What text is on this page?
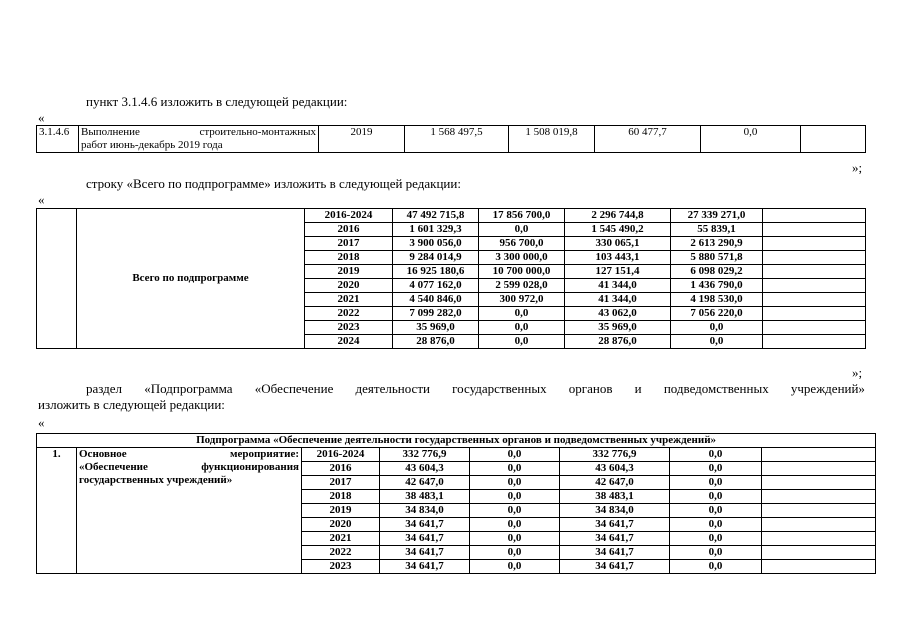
пункт 3.1.4.6 изложить в следующей редакции:
«
3.1.4.6	Выполнение	строительно-монтажных
работ июнь-декабрь 2019 года
	2019	1 568 497,5	1 508 019,8	60 477,7	0,0	
»;
строку «Всего по подпрограмме» изложить в следующей редакции:
«
	Всего по подпрограмме	2016-2024	47 492 715,8	17 856 700,0	2 296 744,8	27 339 271,0	
		2016	1 601 329,3	0,0	1 545 490,2	55 839,1	
		2017	3 900 056,0	956 700,0	330 065,1	2 613 290,9	
		2018	9 284 014,9	3 300 000,0	103 443,1	5 880 571,8	
		2019	16 925 180,6	10 700 000,0	127 151,4	6 098 029,2	
		2020	4 077 162,0	2 599 028,0	41 344,0	1 436 790,0	
		2021	4 540 846,0	300 972,0	41 344,0	4 198 530,0	
		2022	7 099 282,0	0,0	43 062,0	7 056 220,0	
		2023	35 969,0	0,0	35 969,0	0,0	
		2024	28 876,0	0,0	28 876,0	0,0	
»;
раздел «Подпрограмма «Обеспечение деятельности государственных органов и подведомственных учреждений»
изложить в следующей редакции:
«
Подпрограмма «Обеспечение деятельности государственных органов и подведомственных учреждений»							
1.	Основное мероприятие:
«Обеспечение функционирования
государственных учреждений»	2016-2024	332 776,9	0,0	332 776,9	0,0	
		2016	43 604,3	0,0	43 604,3	0,0	
		2017	42 647,0	0,0	42 647,0	0,0	
		2018	38 483,1	0,0	38 483,1	0,0	
		2019	34 834,0	0,0	34 834,0	0,0	
		2020	34 641,7	0,0	34 641,7	0,0	
		2021	34 641,7	0,0	34 641,7	0,0	
		2022	34 641,7	0,0	34 641,7	0,0	
		2023	34 641,7	0,0	34 641,7	0,0	
